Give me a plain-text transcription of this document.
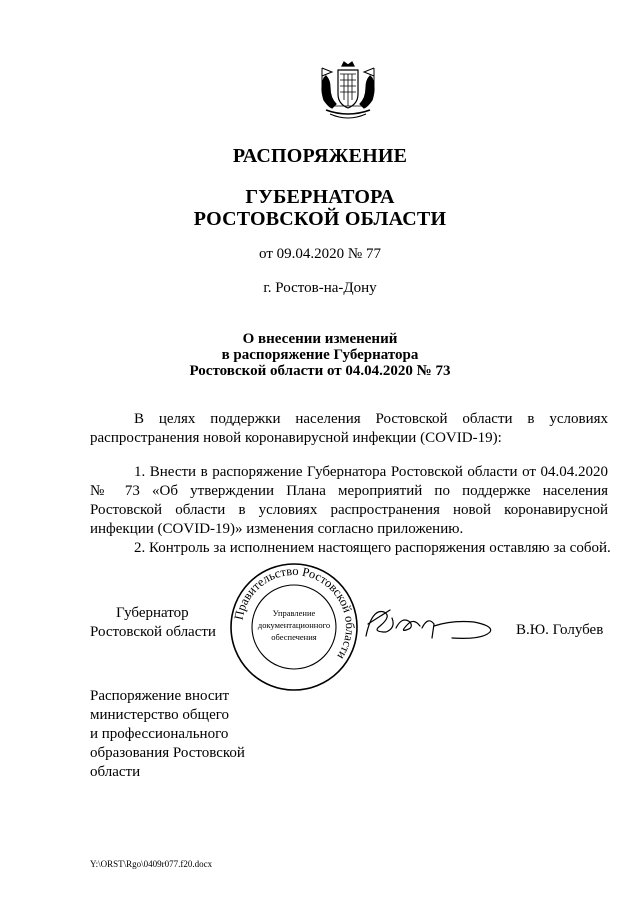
РАСПОРЯЖЕНИЕ
ГУБЕРНАТОРА
РОСТОВСКОЙ ОБЛАСТИ
от 09.04.2020 № 77
г. Ростов-на-Дону
О внесении изменений
в распоряжение Губернатора
Ростовской области от 04.04.2020 № 73

В целях поддержки населения Ростовской области в условиях распространения новой коронавирусной инфекции (COVID-19):

1. Внести в распоряжение Губернатора Ростовской области от 04.04.2020 № 73 «Об утверждении Плана мероприятий по поддержке населения Ростовской области в условиях распространения новой коронавирусной инфекции (COVID-19)» изменения согласно приложению.

2. Контроль за исполнением настоящего распоряжения оставляю за собой.

Губернатор
Ростовской области
Правительство Ростовской области
Управление
документационного
обеспечения	В.Ю. Голубев
Распоряжение вносит
министерство общего
и профессионального
образования Ростовской
области
Y:\ORST\Rgo\0409r077.f20.docx
